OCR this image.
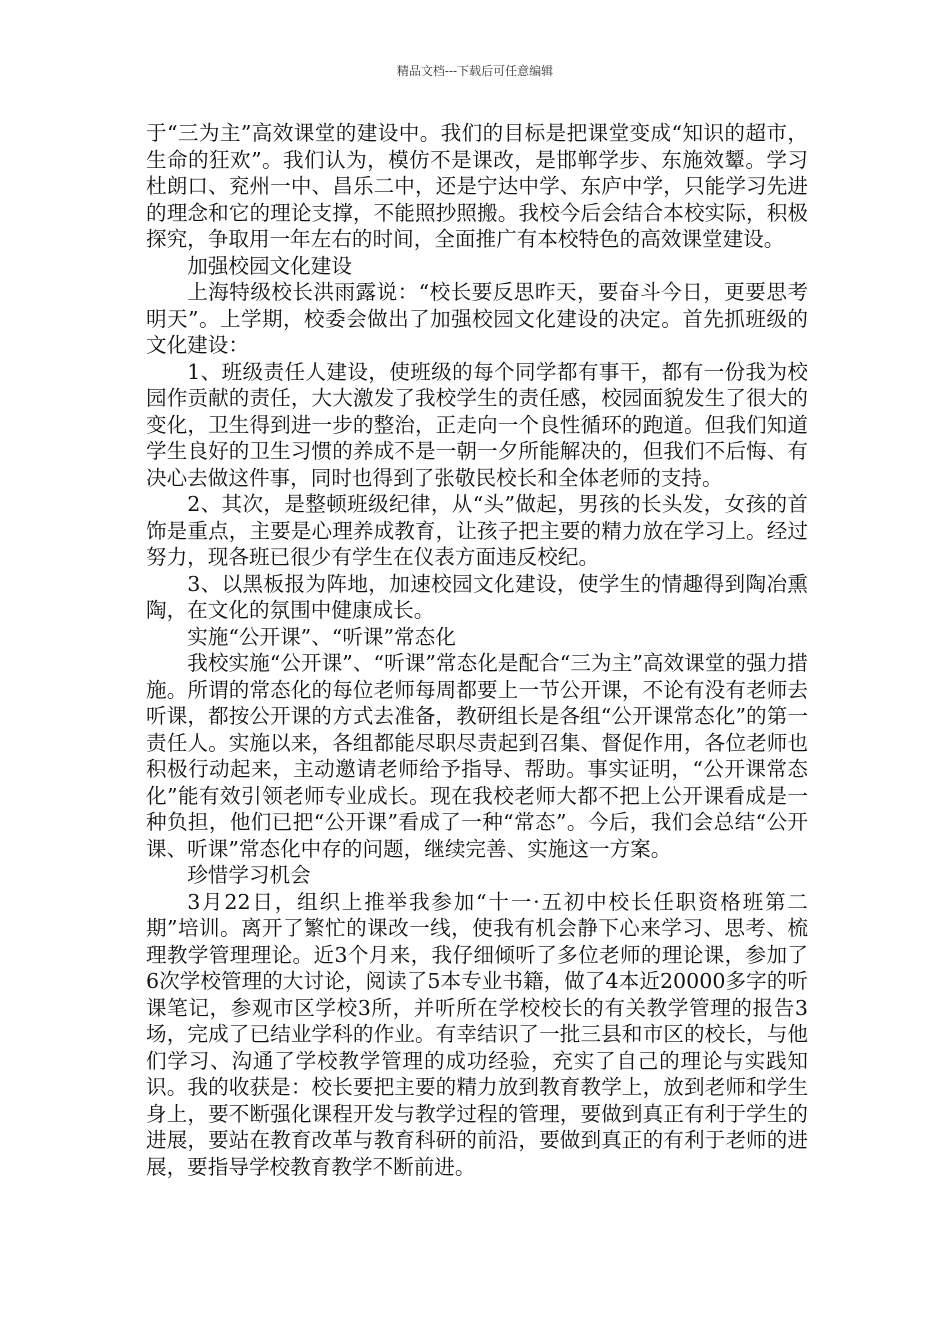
精品文档---下载后可任意编辑

于“三为主”高效课堂的建设中。我们的目标是把课堂变成“知识的超市，生命的狂欢”。我们认为，模仿不是课改，是邯郸学步、东施效颦。学习杜朗口、兖州一中、昌乐二中，还是宁达中学、东庐中学，只能学习先进的理念和它的理论支撑，不能照抄照搬。我校今后会结合本校实际，积极探究，争取用一年左右的时间，全面推广有本校特色的高效课堂建设。

加强校园文化建设

上海特级校长洪雨露说：“校长要反思昨天，要奋斗今日，更要思考明天”。上学期，校委会做出了加强校园文化建设的决定。首先抓班级的文化建设：

1、班级责任人建设，使班级的每个同学都有事干，都有一份我为校园作贡献的责任，大大激发了我校学生的责任感，校园面貌发生了很大的变化，卫生得到进一步的整治，正走向一个良性循环的跑道。但我们知道学生良好的卫生习惯的养成不是一朝一夕所能解决的，但我们不后悔、有决心去做这件事，同时也得到了张敬民校长和全体老师的支持。

2、其次，是整顿班级纪律，从“头”做起，男孩的长头发，女孩的首饰是重点，主要是心理养成教育，让孩子把主要的精力放在学习上。经过努力，现各班已很少有学生在仪表方面违反校纪。

3、以黑板报为阵地，加速校园文化建设，使学生的情趣得到陶冶熏陶，在文化的氛围中健康成长。

实施“公开课”、“听课”常态化

我校实施“公开课”、“听课”常态化是配合“三为主”高效课堂的强力措施。所谓的常态化的每位老师每周都要上一节公开课，不论有没有老师去听课，都按公开课的方式去准备，教研组长是各组“公开课常态化”的第一责任人。实施以来，各组都能尽职尽责起到召集、督促作用，各位老师也积极行动起来，主动邀请老师给予指导、帮助。事实证明，“公开课常态化”能有效引领老师专业成长。现在我校老师大都不把上公开课看成是一种负担，他们已把“公开课”看成了一种“常态”。今后，我们会总结“公开课、听课”常态化中存的问题，继续完善、实施这一方案。

珍惜学习机会

3月22日，组织上推举我参加“十一·五初中校长任职资格班第二期”培训。离开了繁忙的课改一线，使我有机会静下心来学习、思考、梳理教学管理理论。近3个月来，我仔细倾听了多位老师的理论课，参加了6次学校管理的大讨论，阅读了5本专业书籍，做了4本近20000多字的听课笔记，参观市区学校3所，并听所在学校校长的有关教学管理的报告3场，完成了已结业学科的作业。有幸结识了一批三县和市区的校长，与他们学习、沟通了学校教学管理的成功经验，充实了自己的理论与实践知识。我的收获是：校长要把主要的精力放到教育教学上，放到老师和学生身上，要不断强化课程开发与教学过程的管理，要做到真正有利于学生的进展，要站在教育改革与教育科研的前沿，要做到真正的有利于老师的进展，要指导学校教育教学不断前进。
